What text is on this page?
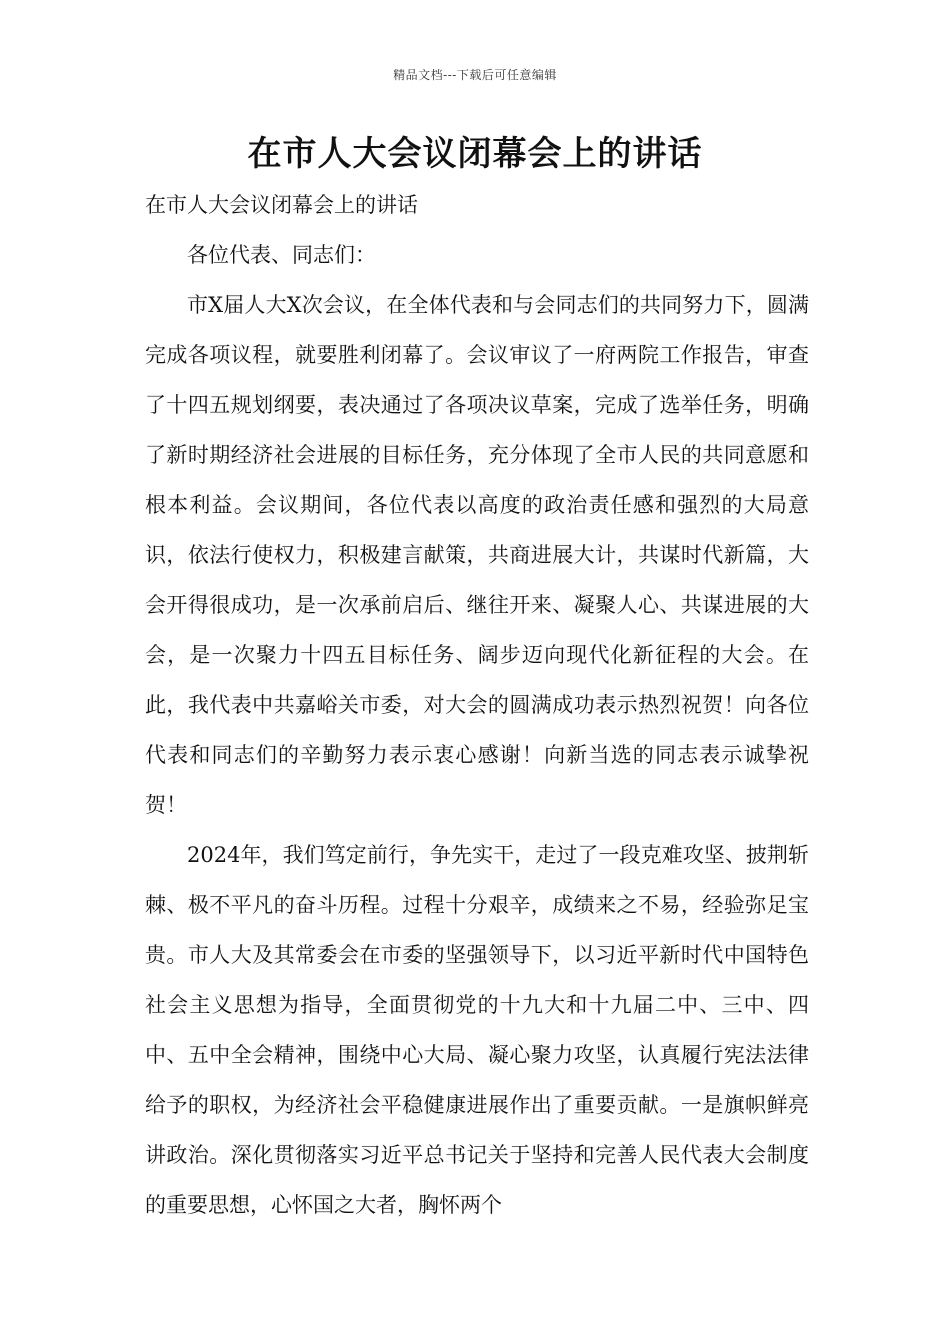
精品文档---下载后可任意编辑
在市人大会议闭幕会上的讲话

在市人大会议闭幕会上的讲话

各位代表、同志们：

市X届人大X次会议，在全体代表和与会同志们的共同努力下，圆满完成各项议程，就要胜利闭幕了。会议审议了一府两院工作报告，审查了十四五规划纲要，表决通过了各项决议草案，完成了选举任务，明确了新时期经济社会进展的目标任务，充分体现了全市人民的共同意愿和根本利益。会议期间，各位代表以高度的政治责任感和强烈的大局意识，依法行使权力，积极建言献策，共商进展大计，共谋时代新篇，大会开得很成功，是一次承前启后、继往开来、凝聚人心、共谋进展的大会，是一次聚力十四五目标任务、阔步迈向现代化新征程的大会。在此，我代表中共嘉峪关市委，对大会的圆满成功表示热烈祝贺！向各位代表和同志们的辛勤努力表示衷心感谢！向新当选的同志表示诚挚祝贺！

2024年，我们笃定前行，争先实干，走过了一段克难攻坚、披荆斩棘、极不平凡的奋斗历程。过程十分艰辛，成绩来之不易，经验弥足宝贵。市人大及其常委会在市委的坚强领导下，以习近平新时代中国特色社会主义思想为指导，全面贯彻党的十九大和十九届二中、三中、四中、五中全会精神，围绕中心大局、凝心聚力攻坚，认真履行宪法法律给予的职权，为经济社会平稳健康进展作出了重要贡献。一是旗帜鲜亮讲政治。深化贯彻落实习近平总书记关于坚持和完善人民代表大会制度的重要思想，心怀国之大者，胸怀两个
